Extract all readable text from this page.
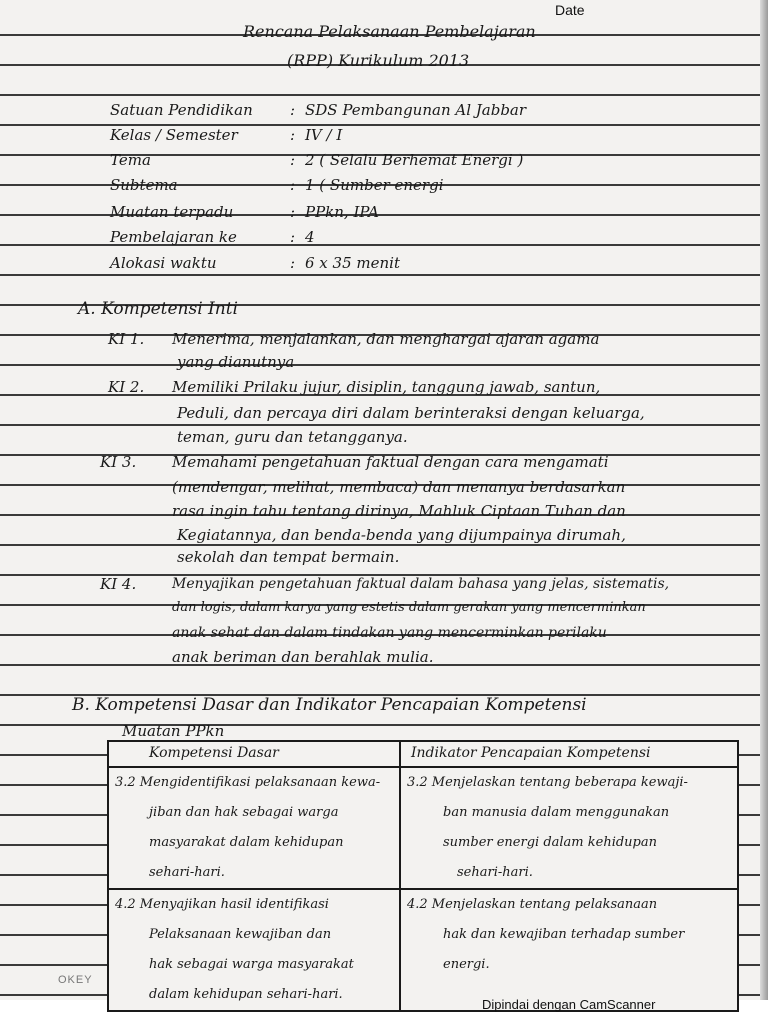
Date
Rencana Pelaksanaan Pembelajaran
(RPP) Kurikulum 2013
Satuan Pendidikan : SDS Pembangunan Al Jabbar
Kelas / Semester	: IV / I
Tema	: 2 ( Selalu Berhemat Energi )
Subtema	: 1 ( Sumber energi
Muatan terpadu	: PPkn, IPA
Pembelajaran ke	: 4
Alokasi waktu	: 6 x 35 menit
A. Kompetensi Inti
KI 1. Menerima, menjalankan, dan menghargai ajaran agama
yang dianutnya
KI 2. Memiliki Prilaku jujur, disiplin, tanggung jawab, santun,
Peduli, dan percaya diri dalam berinteraksi dengan keluarga,
teman, guru dan tetangganya.
KI 3. Memahami pengetahuan faktual dengan cara mengamati
(mendengar, melihat, membaca) dan menanya berdasarkan
rasa ingin tahu tentang dirinya, Mahluk Ciptaan Tuhan dan
Kegiatannya, dan benda-benda yang dijumpainya dirumah,
sekolah dan tempat bermain.
KI 4.	Menyajikan pengetahuan faktual dalam bahasa yang jelas, sistematis,
dan logis, dalam karya yang estetis dalam gerakan yang mencerminkan
anak sehat dan dalam tindakan yang mencerminkan perilaku
anak beriman dan berahlak mulia.
B. Kompetensi Dasar dan Indikator Pencapaian Kompetensi
Muatan PPkn
Kompetensi Dasar	Indikator Pencapaian Kompetensi

3.2 Mengidentifikasi pelaksanaan kewa-
jiban dan hak sebagai warga
masyarakat dalam kehidupan
sehari-hari.	3.2 Menjelaskan tentang beberapa kewaji-
ban manusia dalam menggunakan
sumber energi dalam kehidupan
sehari-hari.

4.2 Menyajikan hasil identifikasi
Pelaksanaan kewajiban dan
hak sebagai warga masyarakat
dalam kehidupan sehari-hari.	4.2 Menjelaskan tentang pelaksanaan
hak dan kewajiban terhadap sumber
energi.
OKEY
Dipindai dengan CamScanner
